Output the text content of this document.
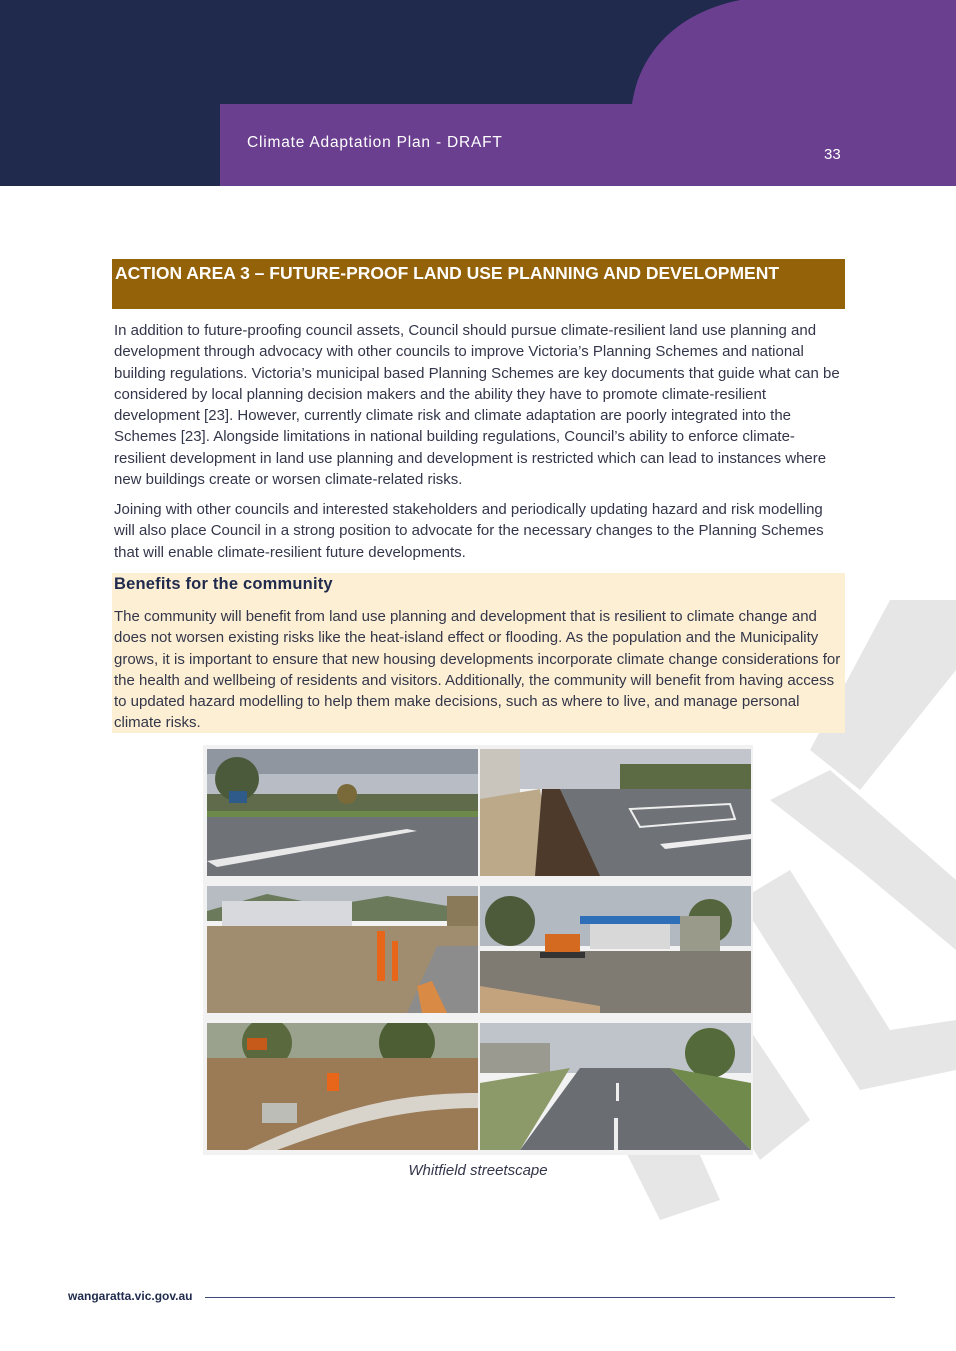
Climate Adaptation Plan - DRAFT
33
ACTION AREA 3 – FUTURE-PROOF LAND USE PLANNING AND DEVELOPMENT
In addition to future-proofing council assets, Council should pursue climate-resilient land use planning and development through advocacy with other councils to improve Victoria’s Planning Schemes and national building regulations. Victoria’s municipal based Planning Schemes are key documents that guide what can be considered by local planning decision makers and the ability they have to promote climate-resilient development [23]. However, currently climate risk and climate adaptation are poorly integrated into the Schemes [23]. Alongside limitations in national building regulations, Council’s ability to enforce climate-resilient development in land use planning and development is restricted which can lead to instances where new buildings create or worsen climate-related risks.
Joining with other councils and interested stakeholders and periodically updating hazard and risk modelling will also place Council in a strong position to advocate for the necessary changes to the Planning Schemes that will enable climate-resilient future developments.
Benefits for the community
The community will benefit from land use planning and development that is resilient to climate change and does not worsen existing risks like the heat-island effect or flooding. As the population and the Municipality grows, it is important to ensure that new housing developments incorporate climate change considerations for the health and wellbeing of residents and visitors. Additionally, the community will benefit from having access to updated hazard modelling to help them make decisions, such as where to live, and manage personal climate risks.
Whitfield streetscape
wangaratta.vic.gov.au
